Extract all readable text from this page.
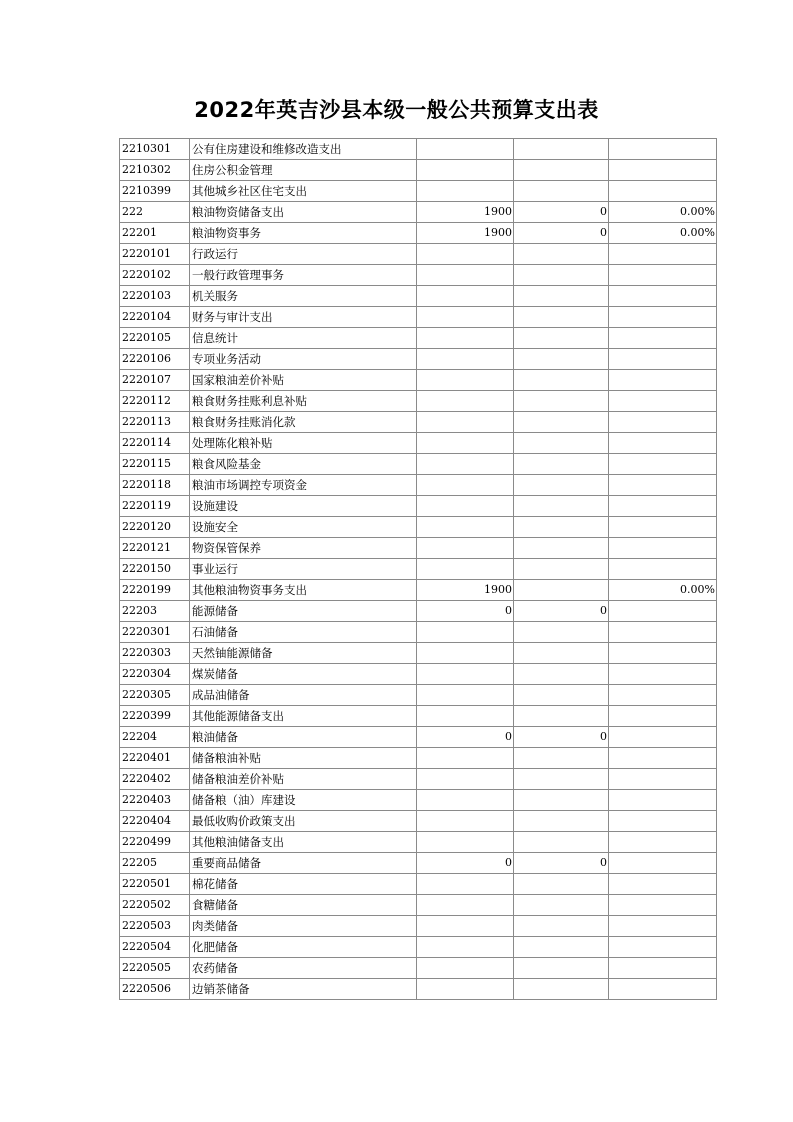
2022年英吉沙县本级一般公共预算支出表
2210301	公有住房建设和维修改造支出			
2210302	住房公积金管理			
2210399	其他城乡社区住宅支出			
222	粮油物资储备支出	1900	0	0.00%
22201	粮油物资事务	1900	0	0.00%
2220101	行政运行			
2220102	一般行政管理事务			
2220103	机关服务			
2220104	财务与审计支出			
2220105	信息统计			
2220106	专项业务活动			
2220107	国家粮油差价补贴			
2220112	粮食财务挂账利息补贴			
2220113	粮食财务挂账消化款			
2220114	处理陈化粮补贴			
2220115	粮食风险基金			
2220118	粮油市场调控专项资金			
2220119	设施建设			
2220120	设施安全			
2220121	物资保管保养			
2220150	事业运行			
2220199	其他粮油物资事务支出	1900		0.00%
22203	能源储备	0	0	
2220301	石油储备			
2220303	天然铀能源储备			
2220304	煤炭储备			
2220305	成品油储备			
2220399	其他能源储备支出			
22204	粮油储备	0	0	
2220401	储备粮油补贴			
2220402	储备粮油差价补贴			
2220403	储备粮（油）库建设			
2220404	最低收购价政策支出			
2220499	其他粮油储备支出			
22205	重要商品储备	0	0	
2220501	棉花储备			
2220502	食糖储备			
2220503	肉类储备			
2220504	化肥储备			
2220505	农药储备			
2220506	边销茶储备			
